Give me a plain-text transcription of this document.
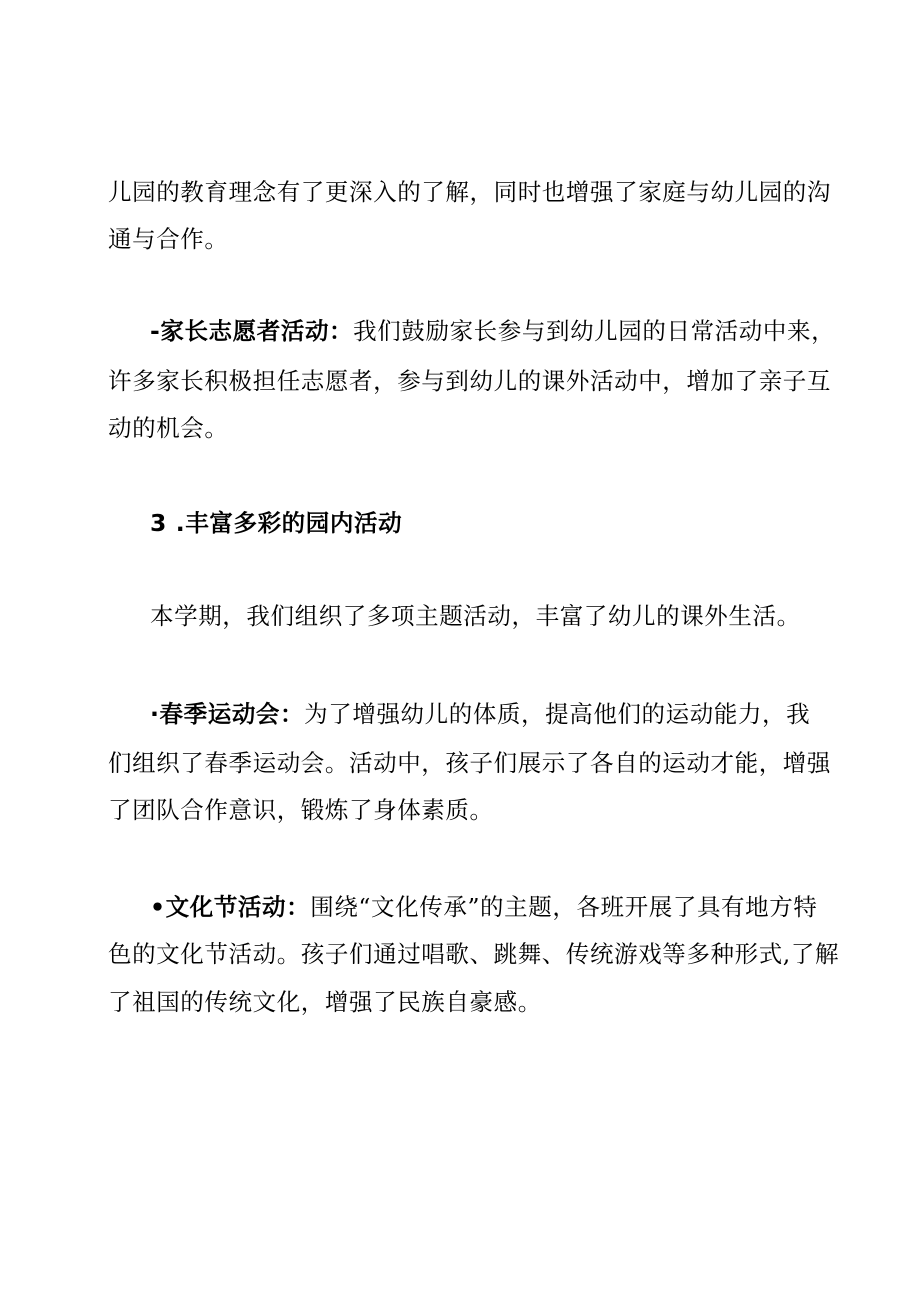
儿园的教育理念有了更深入的了解，同时也增强了家庭与幼儿园的沟
通与合作。
-家长志愿者活动：我们鼓励家长参与到幼儿园的日常活动中来，
许多家长积极担任志愿者，参与到幼儿的课外活动中，增加了亲子互
动的机会。
3 .丰富多彩的园内活动
本学期，我们组织了多项主题活动，丰富了幼儿的课外生活。
·春季运动会：为了增强幼儿的体质，提高他们的运动能力，我
们组织了春季运动会。活动中，孩子们展示了各自的运动才能，增强
了团队合作意识，锻炼了身体素质。
•文化节活动：围绕“文化传承”的主题，各班开展了具有地方特
色的文化节活动。孩子们通过唱歌、跳舞、传统游戏等多种形式,了解
了祖国的传统文化，增强了民族自豪感。
